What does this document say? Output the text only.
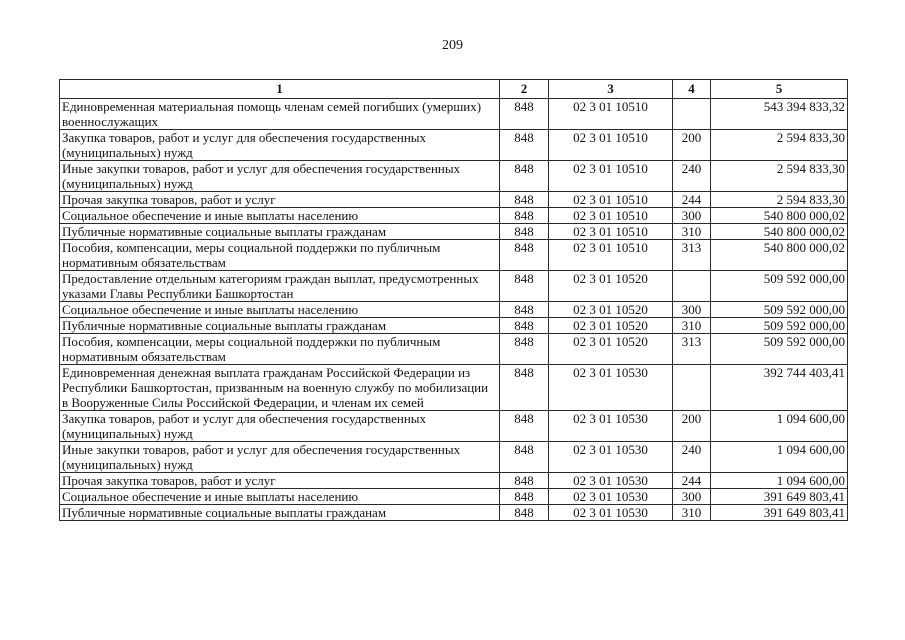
209
1	2	3	4	5
Единовременная материальная помощь членам семей погибших (умерших) военнослужащих	848	02 3 01 10510		543 394 833,32
Закупка товаров, работ и услуг для обеспечения государственных (муниципальных) нужд	848	02 3 01 10510	200	2 594 833,30
Иные закупки товаров, работ и услуг для обеспечения государственных (муниципальных) нужд	848	02 3 01 10510	240	2 594 833,30
Прочая закупка товаров, работ и услуг	848	02 3 01 10510	244	2 594 833,30
Социальное обеспечение и иные выплаты населению	848	02 3 01 10510	300	540 800 000,02
Публичные нормативные социальные выплаты гражданам	848	02 3 01 10510	310	540 800 000,02
Пособия, компенсации, меры социальной поддержки по публичным нормативным обязательствам	848	02 3 01 10510	313	540 800 000,02
Предоставление отдельным категориям граждан выплат, предусмотренных указами Главы Республики Башкортостан	848	02 3 01 10520		509 592 000,00
Социальное обеспечение и иные выплаты населению	848	02 3 01 10520	300	509 592 000,00
Публичные нормативные социальные выплаты гражданам	848	02 3 01 10520	310	509 592 000,00
Пособия, компенсации, меры социальной поддержки по публичным нормативным обязательствам	848	02 3 01 10520	313	509 592 000,00
Единовременная денежная выплата гражданам Российской Федерации из Республики Башкортостан, призванным на военную службу по мобилизации в Вооруженные Силы Российской Федерации, и членам их семей	848	02 3 01 10530		392 744 403,41
Закупка товаров, работ и услуг для обеспечения государственных (муниципальных) нужд	848	02 3 01 10530	200	1 094 600,00
Иные закупки товаров, работ и услуг для обеспечения государственных (муниципальных) нужд	848	02 3 01 10530	240	1 094 600,00
Прочая закупка товаров, работ и услуг	848	02 3 01 10530	244	1 094 600,00
Социальное обеспечение и иные выплаты населению	848	02 3 01 10530	300	391 649 803,41
Публичные нормативные социальные выплаты гражданам	848	02 3 01 10530	310	391 649 803,41
